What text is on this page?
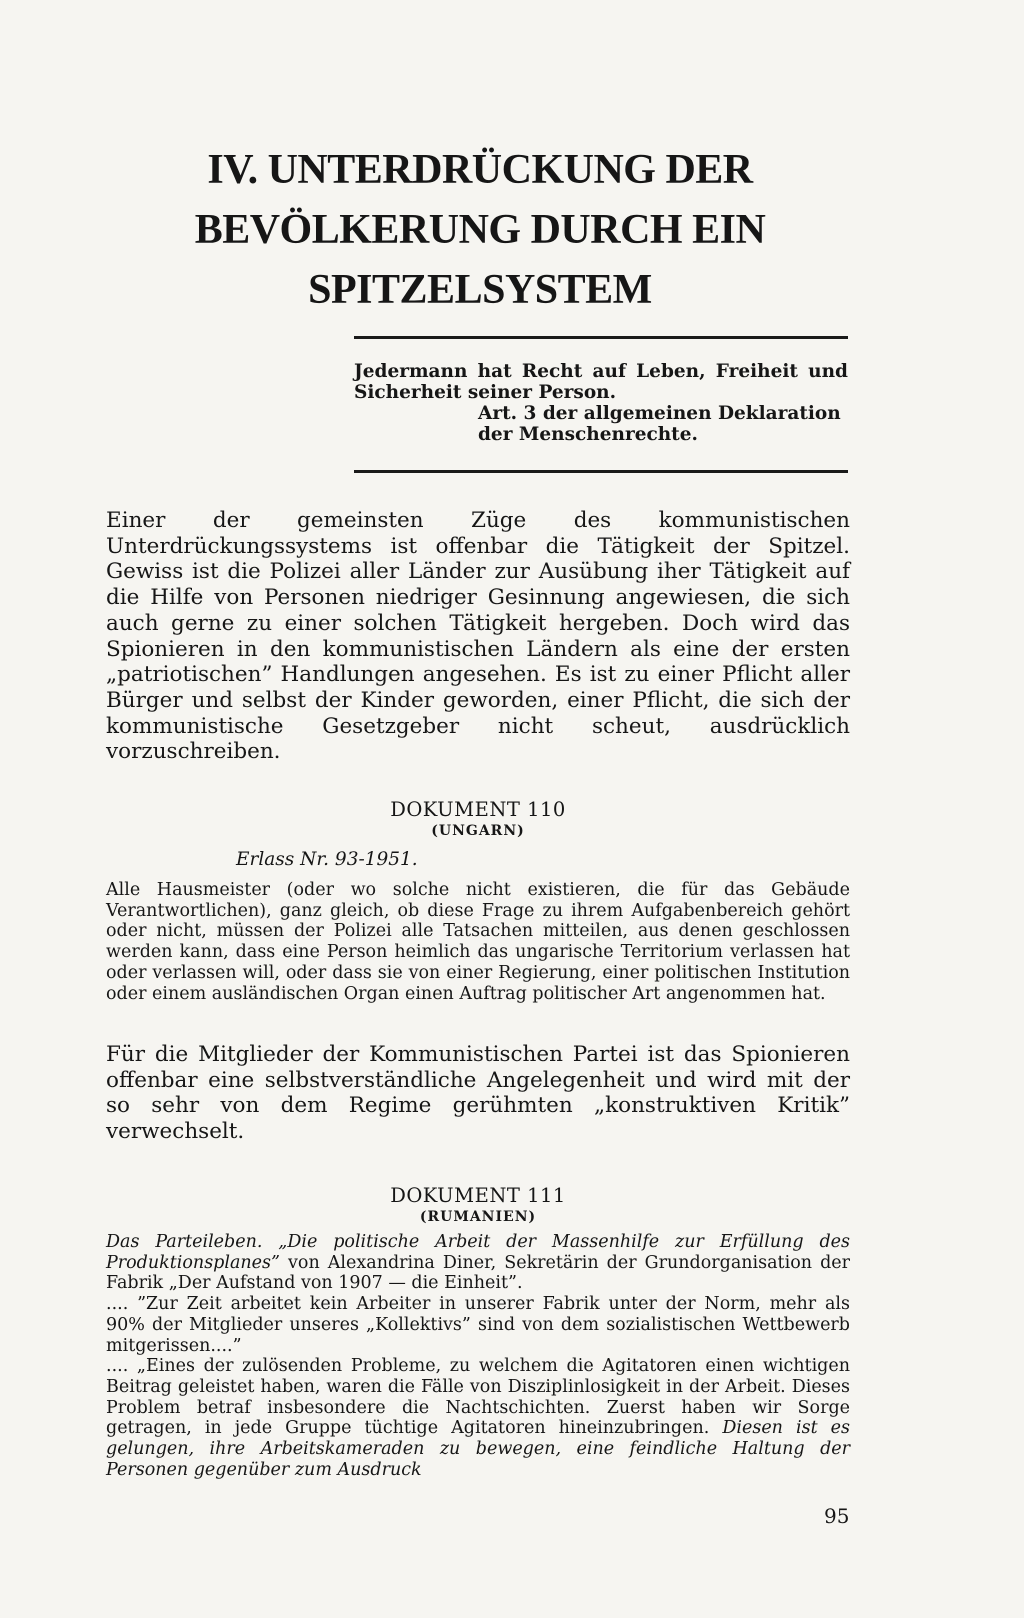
IV. UNTERDRÜCKUNG DER
BEVÖLKERUNG DURCH EIN
SPITZELSYSTEM
Jedermann hat Recht auf Leben, Freiheit und Sicherheit seiner Person.
Art. 3 der allgemeinen Deklaration der Menschenrechte.

Einer der gemeinsten Züge des kommunistischen Unterdrückungssystems ist offenbar die Tätigkeit der Spitzel. Gewiss ist die Polizei aller Länder zur Ausübung iher Tätigkeit auf die Hilfe von Personen niedriger Gesinnung angewiesen, die sich auch gerne zu einer solchen Tätigkeit hergeben. Doch wird das Spionieren in den kommunistischen Ländern als eine der ersten „patriotischen” Handlungen angesehen. Es ist zu einer Pflicht aller Bürger und selbst der Kinder geworden, einer Pflicht, die sich der kommunistische Gesetzgeber nicht scheut, ausdrücklich vorzuschreiben.

DOKUMENT 110
(UNGARN)
Erlass Nr. 93-1951.

Alle Hausmeister (oder wo solche nicht existieren, die für das Gebäude Verantwortlichen), ganz gleich, ob diese Frage zu ihrem Aufgabenbereich gehört oder nicht, müssen der Polizei alle Tatsachen mitteilen, aus denen geschlossen werden kann, dass eine Person heimlich das ungarische Territorium verlassen hat oder verlassen will, oder dass sie von einer Regierung, einer politischen Institution oder einem ausländischen Organ einen Auftrag politischer Art angenommen hat.

Für die Mitglieder der Kommunistischen Partei ist das Spionieren offenbar eine selbstverständliche Angelegenheit und wird mit der so sehr von dem Regime gerühmten „konstruktiven Kritik” verwechselt.

DOKUMENT 111
(RUMANIEN)
Das Parteileben. „Die politische Arbeit der Massenhilfe zur Erfüllung des Produktionsplanes” von Alexandrina Diner, Sekretärin der Grundorganisation der Fabrik „Der Aufstand von 1907 — die Einheit”.
.... ”Zur Zeit arbeitet kein Arbeiter in unserer Fabrik unter der Norm, mehr als 90% der Mitglieder unseres „Kollektivs” sind von dem sozialistischen Wettbewerb mitgerissen....”
.... „Eines der zulösenden Probleme, zu welchem die Agitatoren einen wichtigen Beitrag geleistet haben, waren die Fälle von Disziplinlosigkeit in der Arbeit. Dieses Problem betraf insbesondere die Nachtschichten. Zuerst haben wir Sorge getragen, in jede Gruppe tüchtige Agitatoren hineinzubringen. Diesen ist es gelungen, ihre Arbeitskameraden zu bewegen, eine feindliche Haltung der Personen gegenüber zum Ausdruck
95
